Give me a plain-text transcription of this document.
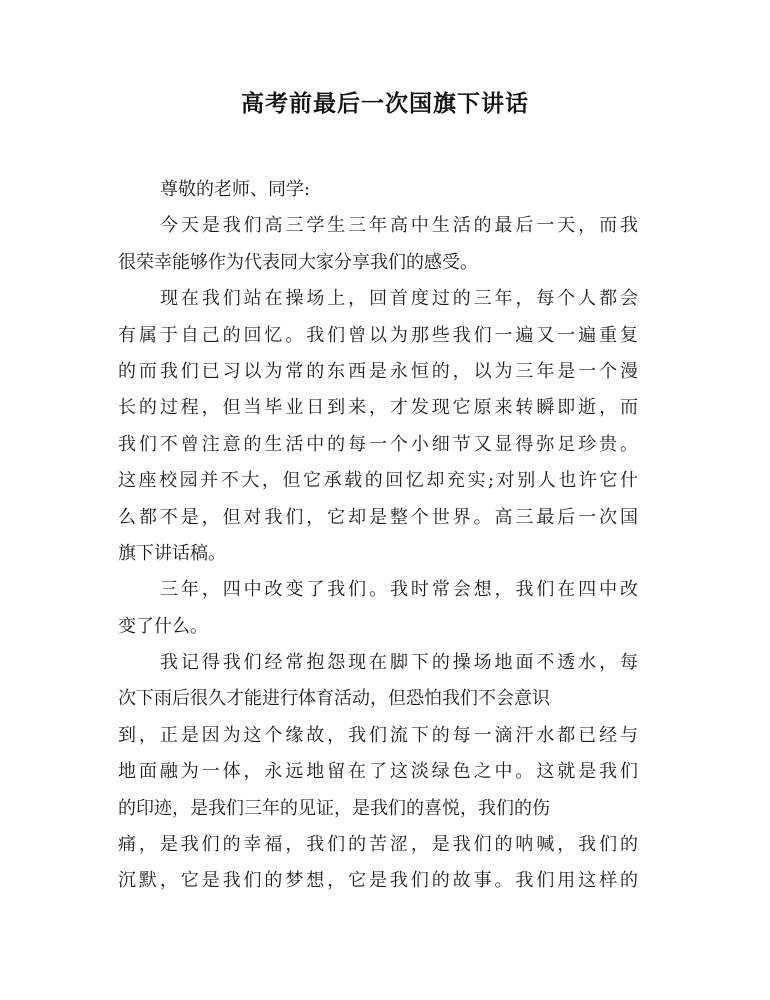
高考前最后一次国旗下讲话
尊敬的老师、同学:
今天是我们高三学生三年高中生活的最后一天，而我
很荣幸能够作为代表同大家分享我们的感受。
现在我们站在操场上，回首度过的三年，每个人都会
有属于自己的回忆。我们曾以为那些我们一遍又一遍重复
的而我们已习以为常的东西是永恒的，以为三年是一个漫
长的过程，但当毕业日到来，才发现它原来转瞬即逝，而
我们不曾注意的生活中的每一个小细节又显得弥足珍贵。
这座校园并不大，但它承载的回忆却充实;对别人也许它什
么都不是，但对我们，它却是整个世界。高三最后一次国
旗下讲话稿。
三年，四中改变了我们。我时常会想，我们在四中改
变了什么。
我记得我们经常抱怨现在脚下的操场地面不透水，每
次下雨后很久才能进行体育活动，但恐怕我们不会意识
到，正是因为这个缘故，我们流下的每一滴汗水都已经与
地面融为一体，永远地留在了这淡绿色之中。这就是我们
的印迹，是我们三年的见证，是我们的喜悦，我们的伤
痛，是我们的幸福，我们的苦涩，是我们的呐喊，我们的
沉默，它是我们的梦想，它是我们的故事。我们用这样的
